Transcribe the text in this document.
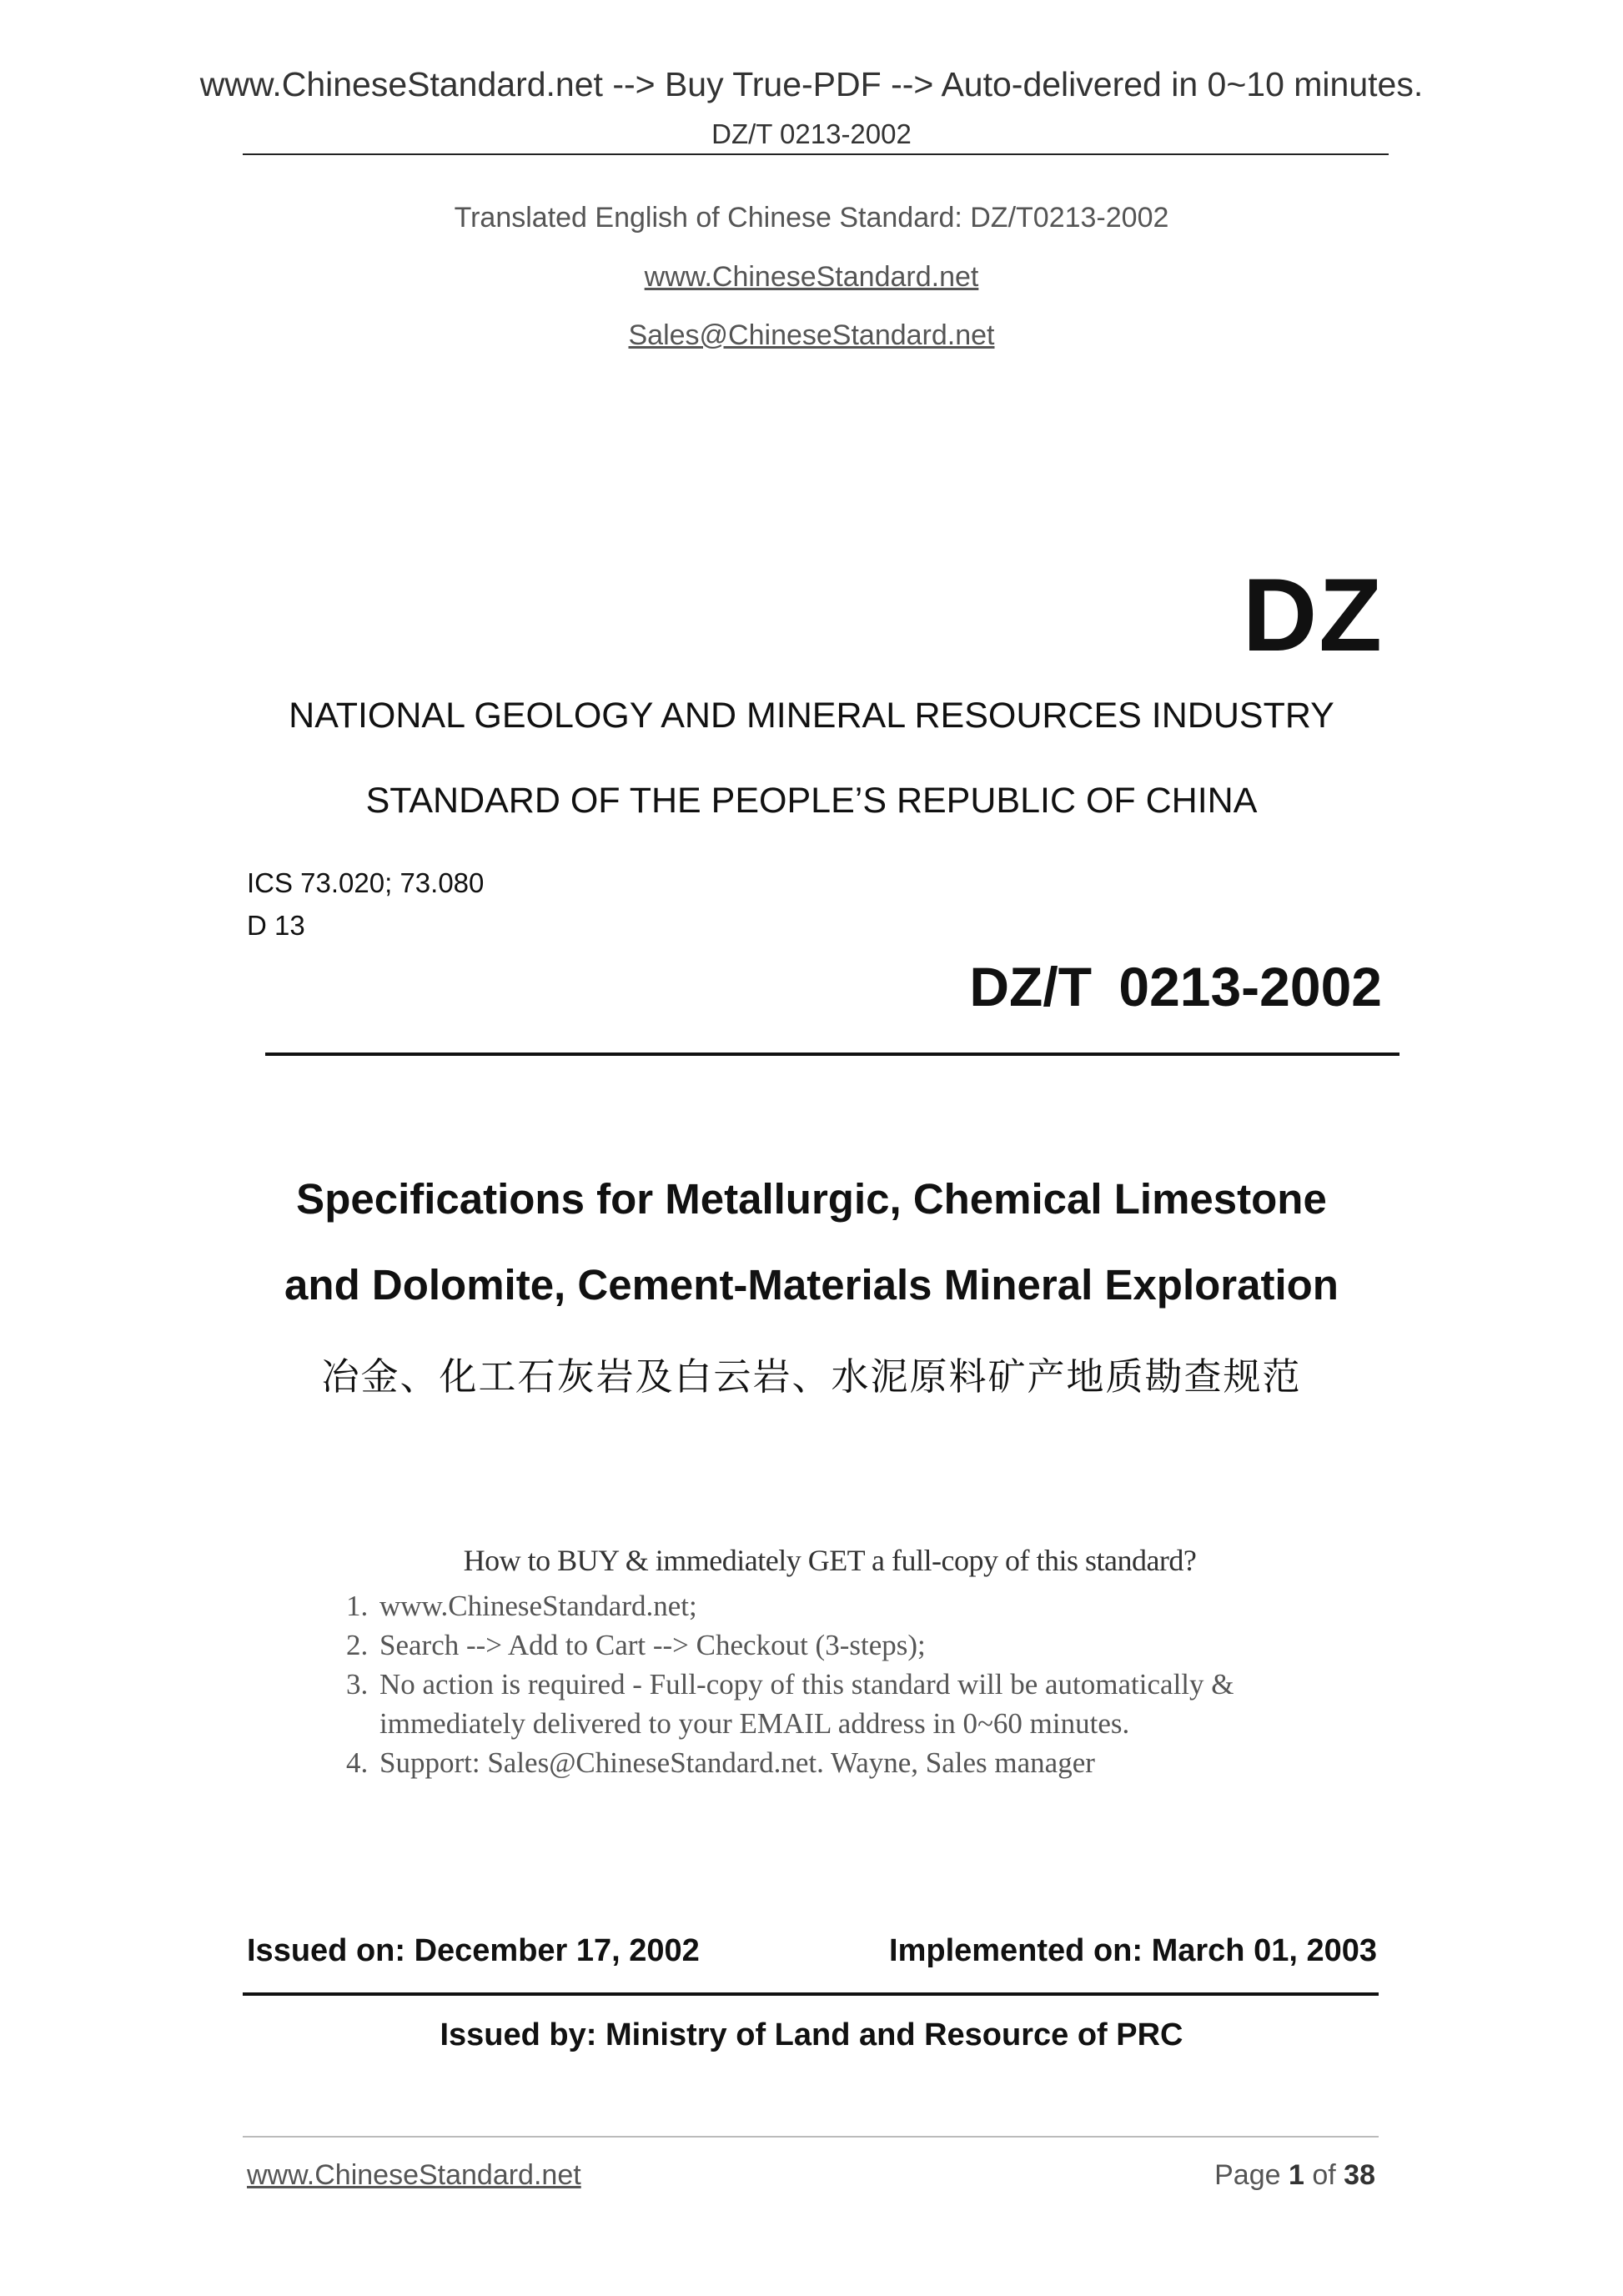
www.ChineseStandard.net --> Buy True-PDF --> Auto-delivered in 0~10 minutes.
DZ/T 0213-2002
Translated English of Chinese Standard: DZ/T0213-2002
www.ChineseStandard.net
Sales@ChineseStandard.net
DZ
NATIONAL GEOLOGY AND MINERAL RESOURCES INDUSTRY
STANDARD OF THE PEOPLE’S REPUBLIC OF CHINA
ICS 73.020; 73.080
D 13
DZ/T 0213-2002
Specifications for Metallurgic, Chemical Limestone
and Dolomite, Cement-Materials Mineral Exploration
冶金、化工石灰岩及白云岩、水泥原料矿产地质勘查规范
How to BUY & immediately GET a full-copy of this standard?
1. www.ChineseStandard.net;
2. Search --> Add to Cart --> Checkout (3-steps);
3. No action is required - Full-copy of this standard will be automatically & immediately delivered to your EMAIL address in 0~60 minutes.
4. Support: Sales@ChineseStandard.net. Wayne, Sales manager
Issued on: December 17, 2002	Implemented on: March 01, 2003
Issued by: Ministry of Land and Resource of PRC
www.ChineseStandard.net	Page 1 of 38
